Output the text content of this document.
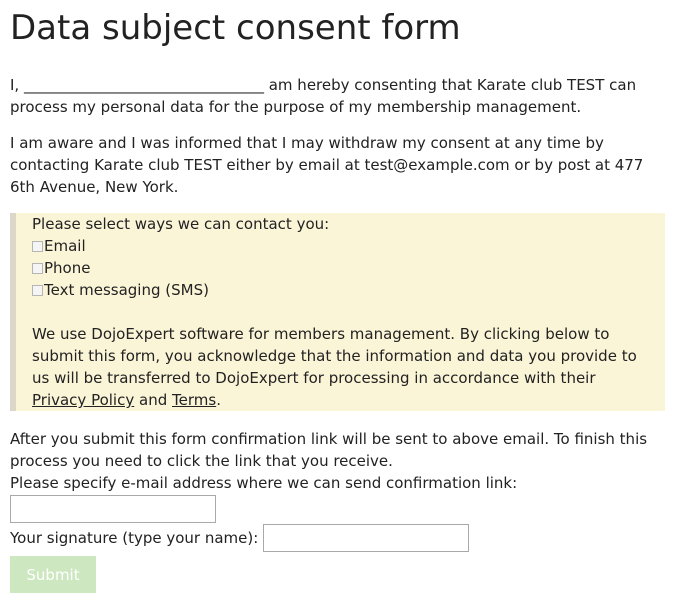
Data subject consent form

I, ________________________________ am hereby consenting that Karate club TEST can process my personal data for the purpose of my membership management.

I am aware and I was informed that I may withdraw my consent at any time by contacting Karate club TEST either by email at test@example.com or by post at 477 6th Avenue, New York.

Please select ways we can contact you:
Email
Phone
Text messaging (SMS)
We use DojoExpert software for members management. By clicking below to submit this form, you acknowledge that the information and data you provide to us will be transferred to DojoExpert for processing in accordance with their Privacy Policy and Terms.

After you submit this form confirmation link will be sent to above email. To finish this process you need to click the link that you receive.

Please specify e-mail address where we can send confirmation link:

Your signature (type your name):
Submit
